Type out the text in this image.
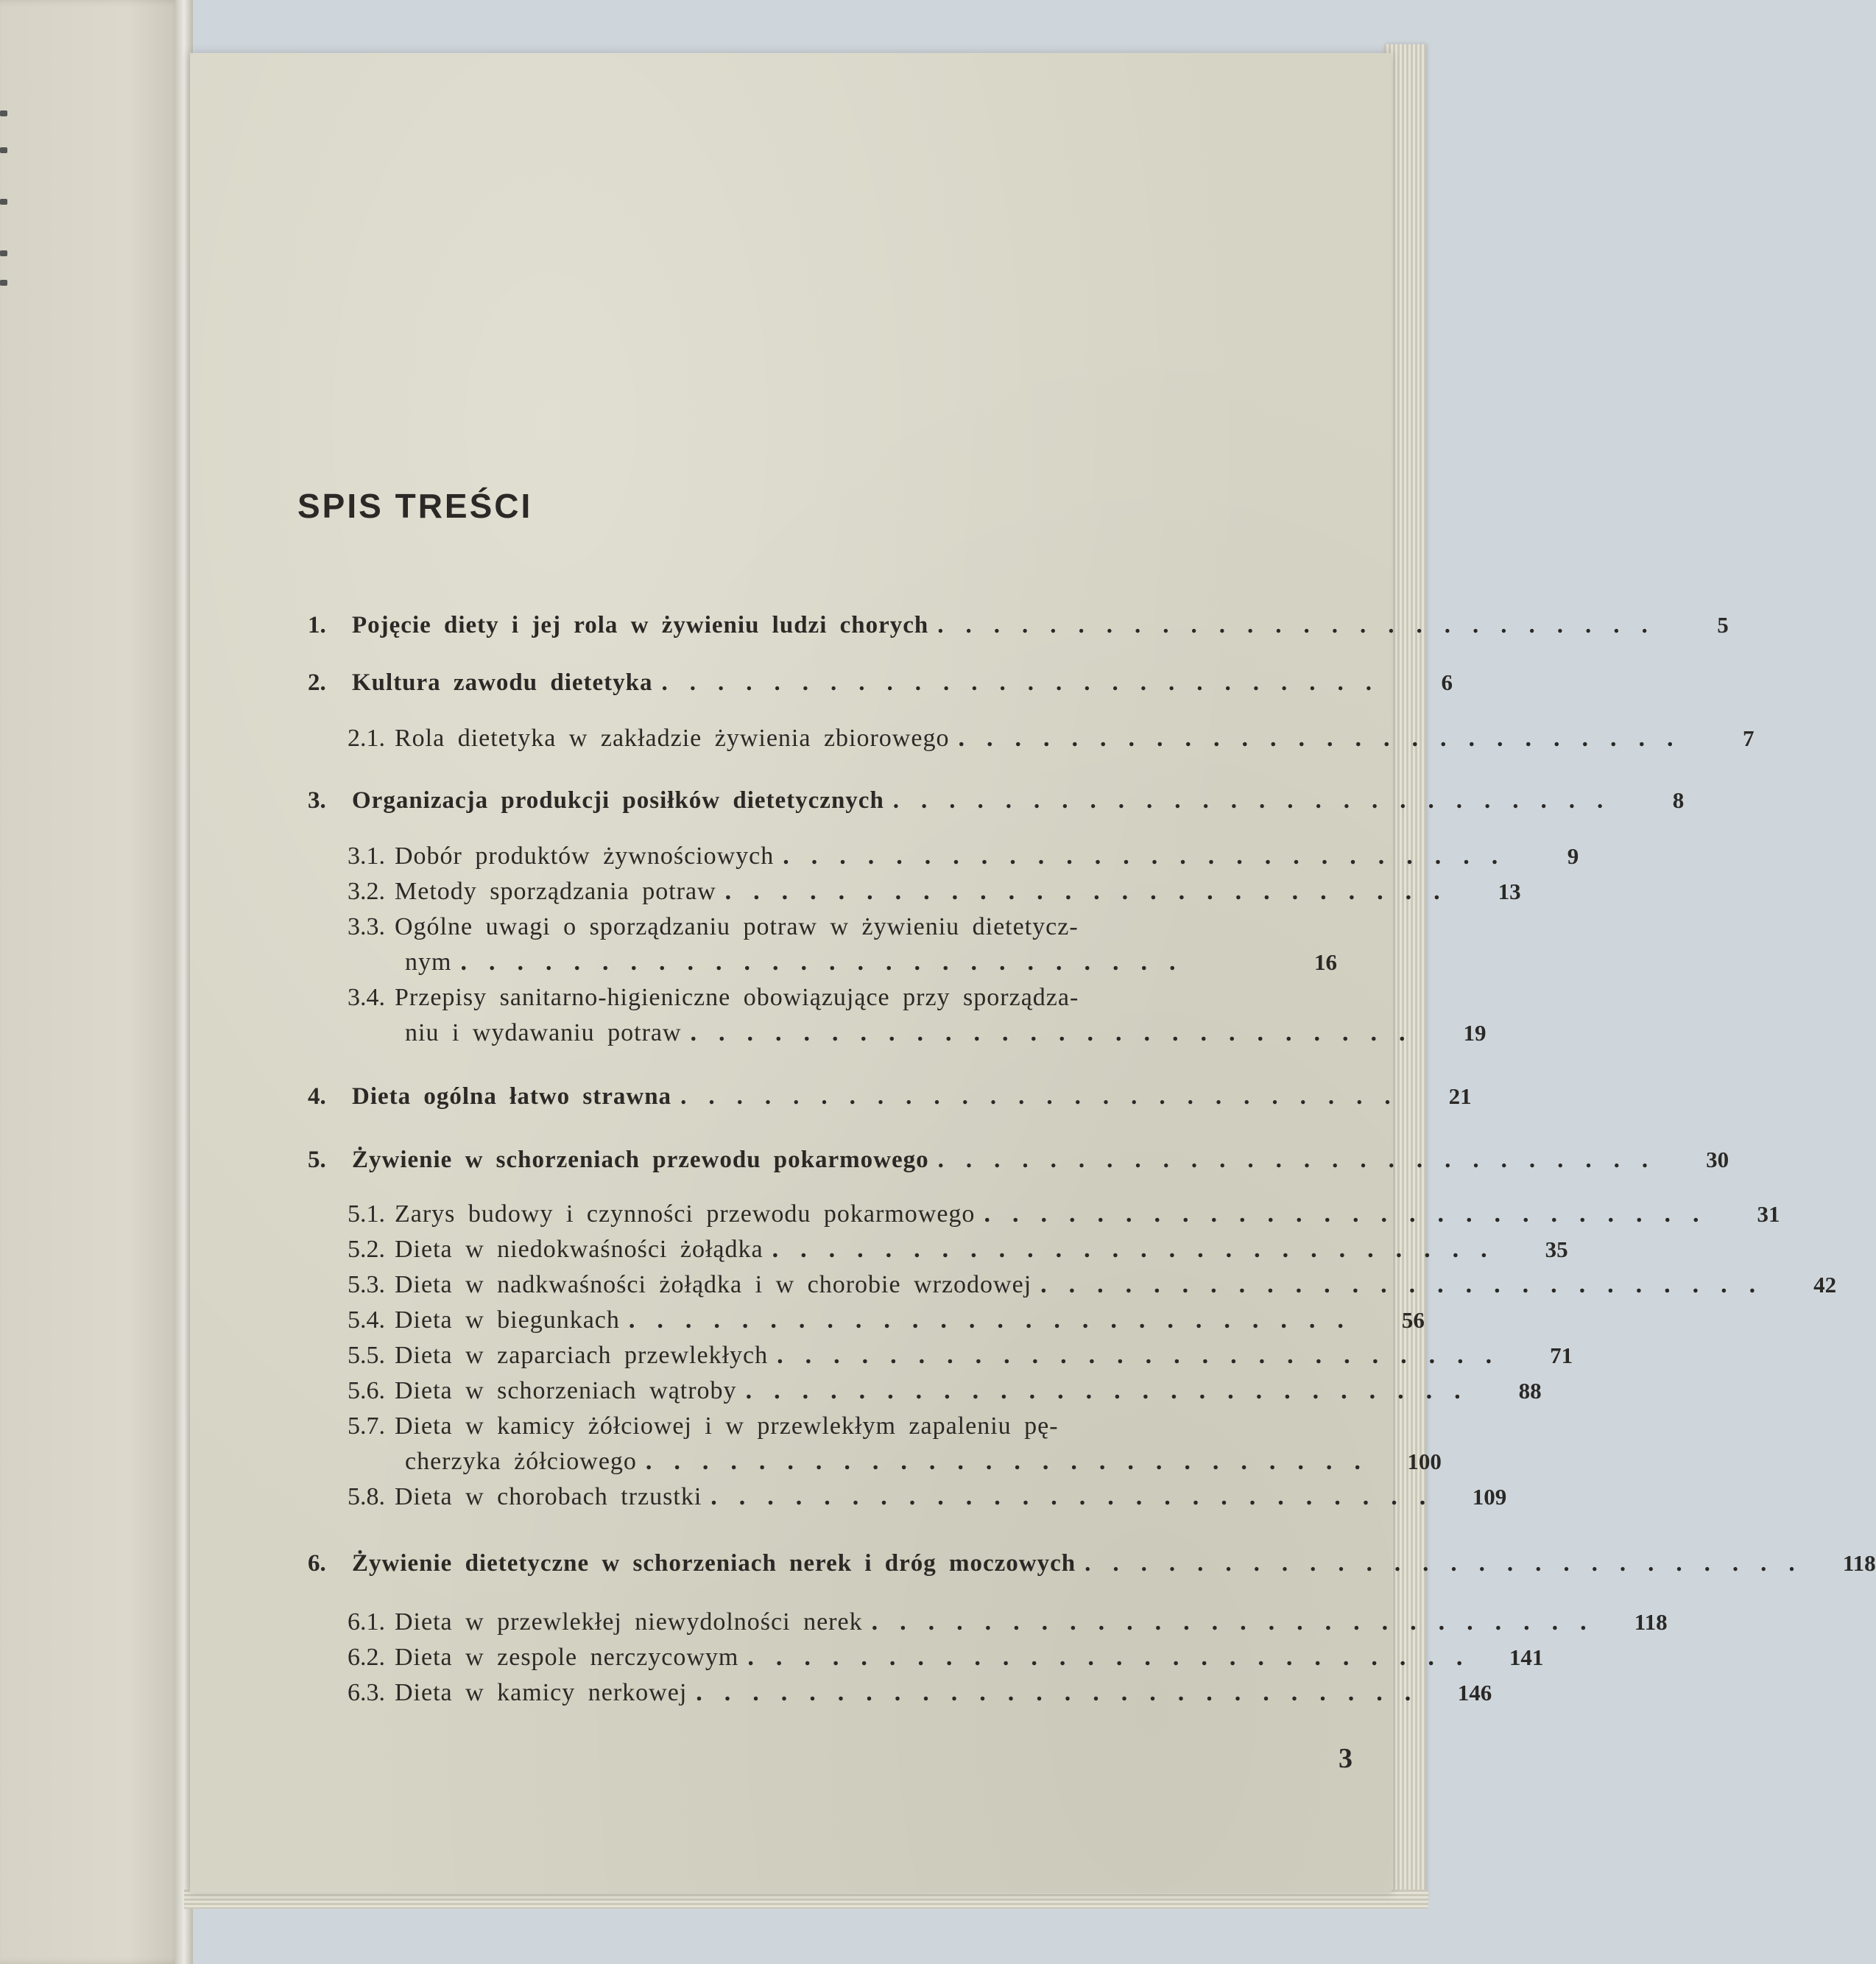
SPIS TREŚCI
1.	Pojęcie diety i jej rola w żywieniu ludzi chorych ..........................	5
2.	Kultura zawodu dietetyka ..........................	6
2.1. Rola dietetyka w zakładzie żywienia zbiorowego ..........................	7
3.	Organizacja produkcji posiłków dietetycznych ..........................	8
3.1. Dobór produktów żywnościowych ..........................	9
3.2. Metody sporządzania potraw ..........................	13
3.3. Ogólne uwagi o sporządzaniu potraw w żywieniu dietetycz-
nym ..........................	16
3.4. Przepisy sanitarno-higieniczne obowiązujące przy sporządza-
niu i wydawaniu potraw ..........................	19
4.	Dieta ogólna łatwo strawna ..........................	21
5.	Żywienie w schorzeniach przewodu pokarmowego ..........................	30
5.1. Zarys budowy i czynności przewodu pokarmowego ..........................	31
5.2. Dieta w niedokwaśności żołądka ..........................	35
5.3. Dieta w nadkwaśności żołądka i w chorobie wrzodowej ..........................	42
5.4. Dieta w biegunkach ..........................	56
5.5. Dieta w zaparciach przewlekłych ..........................	71
5.6. Dieta w schorzeniach wątroby ..........................	88
5.7. Dieta w kamicy żółciowej i w przewlekłym zapaleniu pę-
cherzyka żółciowego ..........................	100
5.8. Dieta w chorobach trzustki ..........................	109
6.	Żywienie dietetyczne w schorzeniach nerek i dróg moczowych ..........................	118
6.1. Dieta w przewlekłej niewydolności nerek ..........................	118
6.2. Dieta w zespole nerczycowym ..........................	141
6.3. Dieta w kamicy nerkowej ..........................	146
3
